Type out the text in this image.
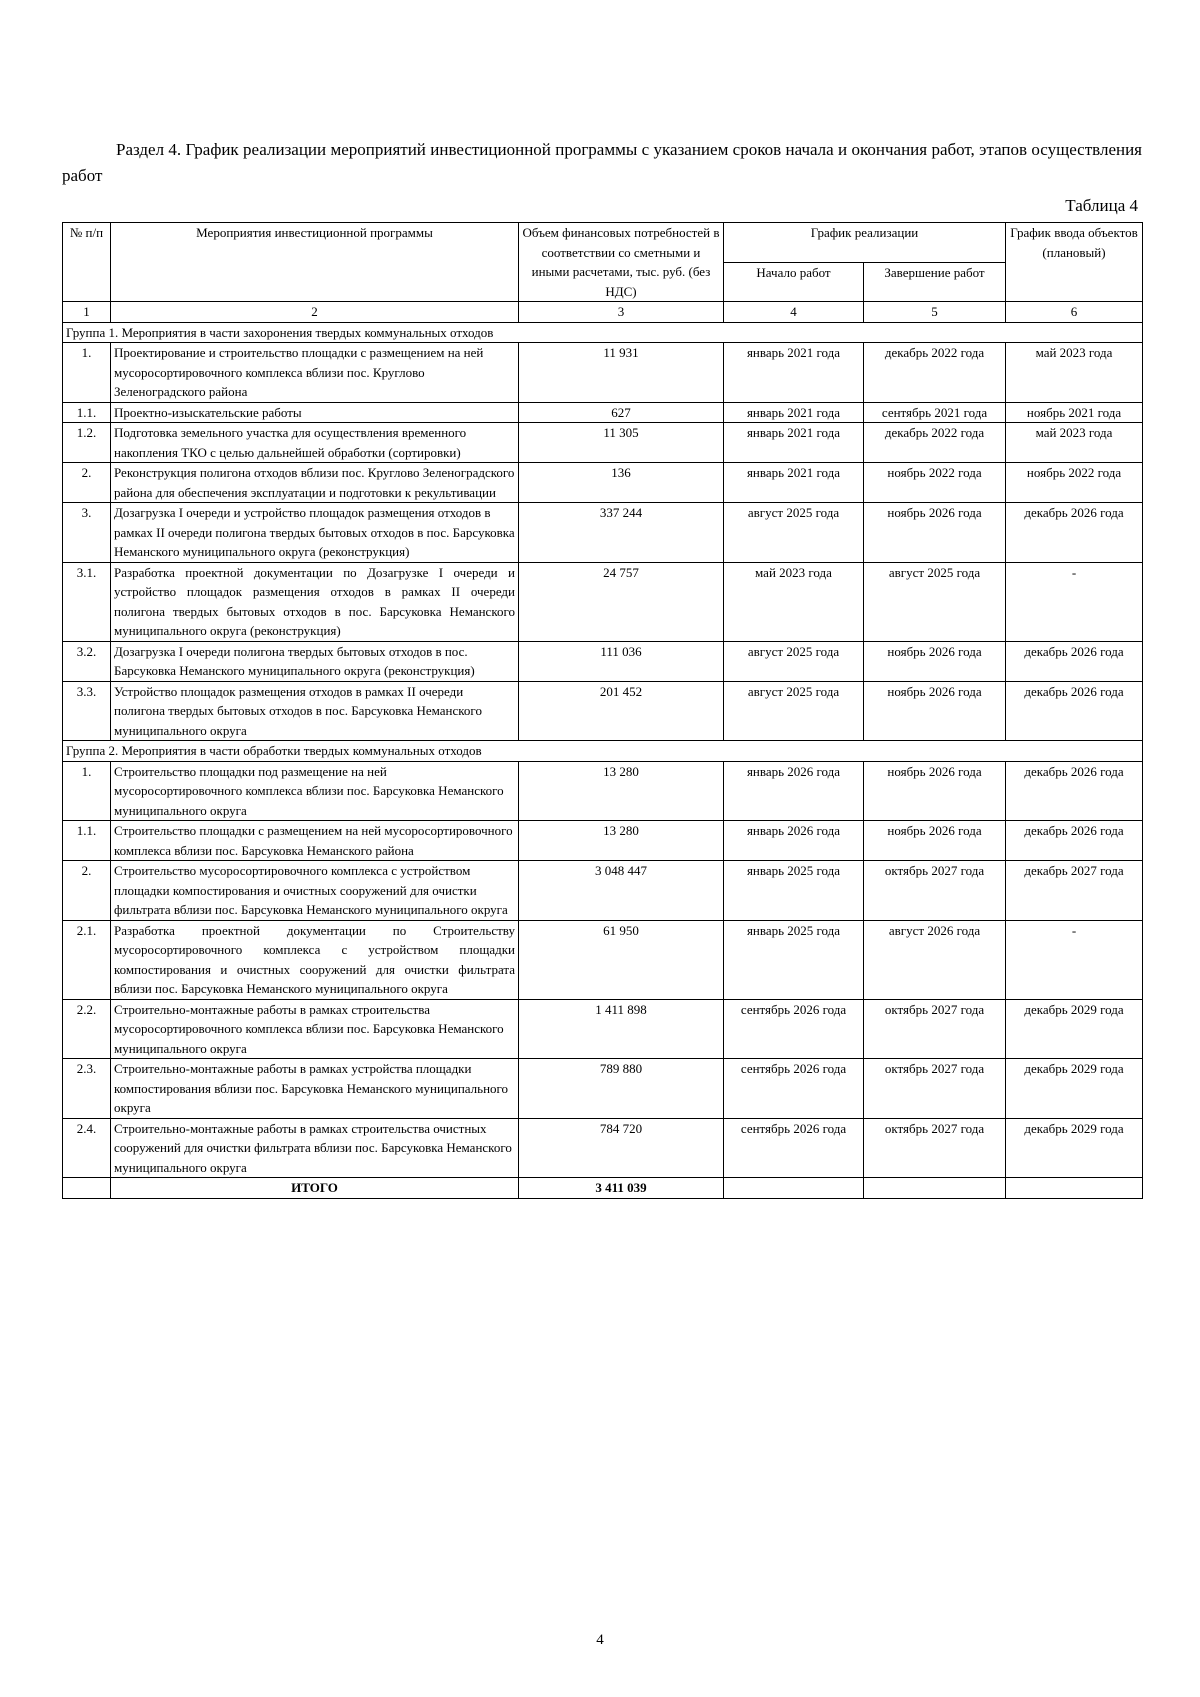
Раздел 4. График реализации мероприятий инвестиционной программы с указанием сроков начала и окончания работ, этапов осуществления работ

Таблица 4
№ п/п	Мероприятия инвестиционной программы	Объем финансовых потребностей в соответствии со сметными и иными расчетами, тыс. руб. (без НДС)	График реализации		График ввода объектов (плановый)
			Начало работ	Завершение работ	
1	2	3	4	5	6
Группа 1. Мероприятия в части захоронения твердых коммунальных отходов					
1.	Проектирование и строительство площадки с размещением на ней мусоросортировочного комплекса вблизи пос. Круглово Зеленоградского района	11 931	январь 2021 года	декабрь 2022 года	май 2023 года
1.1.	Проектно-изыскательские работы	627	январь 2021 года	сентябрь 2021 года	ноябрь 2021 года
1.2.	Подготовка земельного участка для осуществления временного накопления ТКО с целью дальнейшей обработки (сортировки)	11 305	январь 2021 года	декабрь 2022 года	май 2023 года
2.	Реконструкция полигона отходов вблизи пос. Круглово Зеленоградского района для обеспечения эксплуатации и подготовки к рекультивации	136	январь 2021 года	ноябрь 2022 года	ноябрь 2022 года
3.	Дозагрузка I очереди и устройство площадок размещения отходов в рамках II очереди полигона твердых бытовых отходов в пос. Барсуковка Неманского муниципального округа (реконструкция)	337 244	август 2025 года	ноябрь 2026 года	декабрь 2026 года
3.1.	Разработка проектной документации по Дозагрузке I очереди и устройство площадок размещения отходов в рамках II очереди полигона твердых бытовых отходов в пос. Барсуковка Неманского муниципального округа (реконструкция)	24 757	май 2023 года	август 2025 года	-
3.2.	Дозагрузка I очереди полигона твердых бытовых отходов в пос. Барсуковка Неманского муниципального округа (реконструкция)	111 036	август 2025 года	ноябрь 2026 года	декабрь 2026 года
3.3.	Устройство площадок размещения отходов в рамках II очереди полигона твердых бытовых отходов в пос. Барсуковка Неманского муниципального округа	201 452	август 2025 года	ноябрь 2026 года	декабрь 2026 года
Группа 2. Мероприятия в части обработки твердых коммунальных отходов					
1.	Строительство площадки под размещение на ней мусоросортировочного комплекса вблизи пос. Барсуковка Неманского муниципального округа	13 280	январь 2026 года	ноябрь 2026 года	декабрь 2026 года
1.1.	Строительство площадки с размещением на ней мусоросортировочного комплекса вблизи пос. Барсуковка Неманского района	13 280	январь 2026 года	ноябрь 2026 года	декабрь 2026 года
2.	Строительство мусоросортировочного комплекса с устройством площадки компостирования и очистных сооружений для очистки фильтрата вблизи пос. Барсуковка Неманского муниципального округа	3 048 447	январь 2025 года	октябрь 2027 года	декабрь 2027 года
2.1.	Разработка проектной документации по Строительству мусоросортировочного комплекса с устройством площадки компостирования и очистных сооружений для очистки фильтрата вблизи пос. Барсуковка Неманского муниципального округа	61 950	январь 2025 года	август 2026 года	-
2.2.	Строительно-монтажные работы в рамках строительства мусоросортировочного комплекса вблизи пос. Барсуковка Неманского муниципального округа	1 411 898	сентябрь 2026 года	октябрь 2027 года	декабрь 2029 года
2.3.	Строительно-монтажные работы в рамках устройства площадки компостирования вблизи пос. Барсуковка Неманского муниципального округа	789 880	сентябрь 2026 года	октябрь 2027 года	декабрь 2029 года
2.4.	Строительно-монтажные работы в рамках строительства очистных сооружений для очистки фильтрата вблизи пос. Барсуковка Неманского муниципального округа	784 720	сентябрь 2026 года	октябрь 2027 года	декабрь 2029 года
	ИТОГО	3 411 039			
4
